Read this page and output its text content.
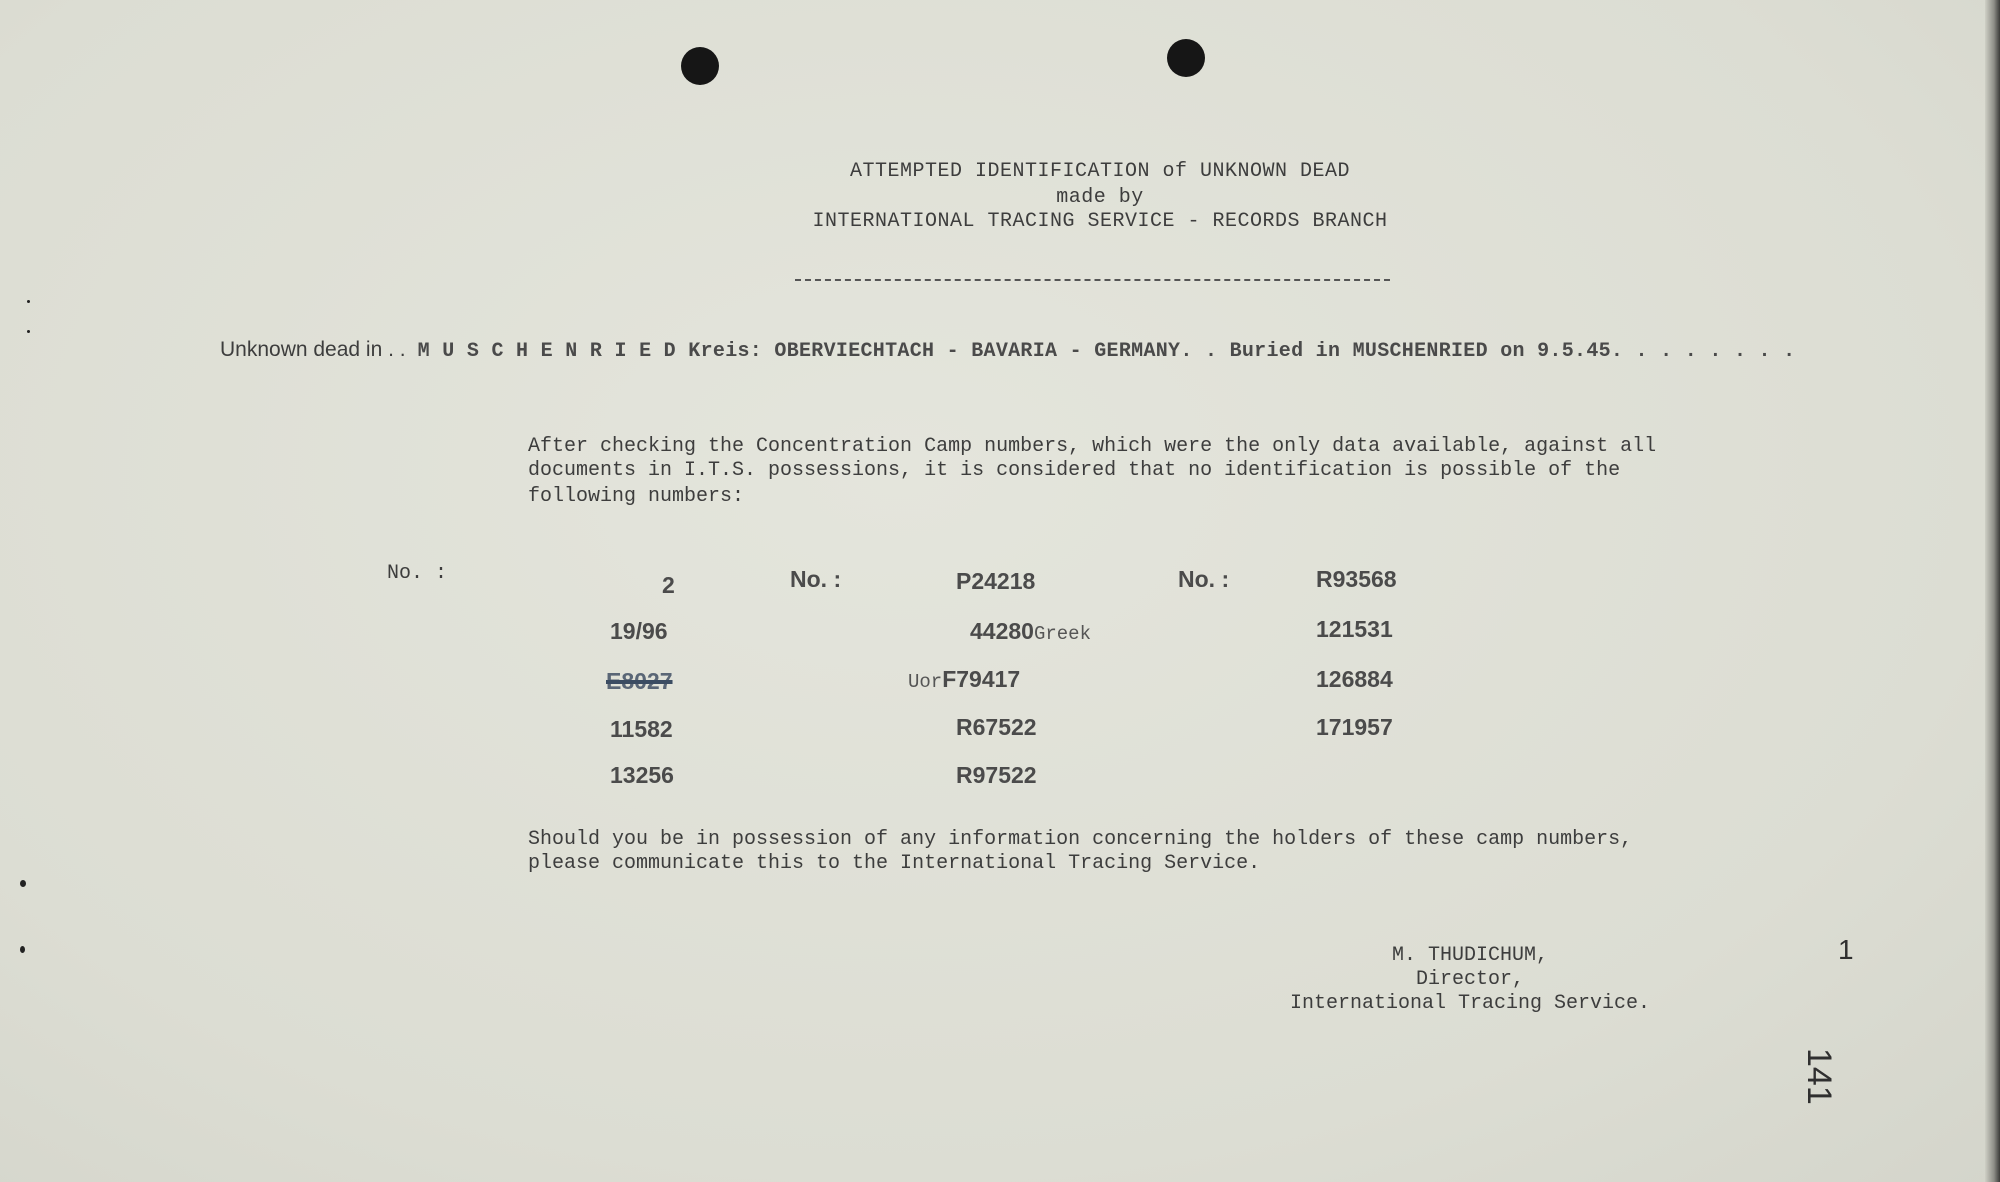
ATTEMPTED IDENTIFICATION of UNKNOWN DEAD
made by
INTERNATIONAL TRACING SERVICE - RECORDS BRANCH
Unknown dead in . . M U S C H E N R I E D Kreis: OBERVIECHTACH - BAVARIA - GERMANY. . Buried in MUSCHENRIED on 9.5.45. . . . . . . .
After checking the Concentration Camp numbers, which were the only data available, against all
documents in I.T.S. possessions, it is considered that no identification is possible of the
following numbers:
No. :	No. :	No. :
2
19/96
E8027
11582
13256
P24218
44280Greek
UorF79417
R67522
R97522
R93568
121531
126884
171957
Should you be in possession of any information concerning the holders of these camp numbers,
please communicate this to the International Tracing Service.
M. THUDICHUM,
Director,
International Tracing Service.
1
141
